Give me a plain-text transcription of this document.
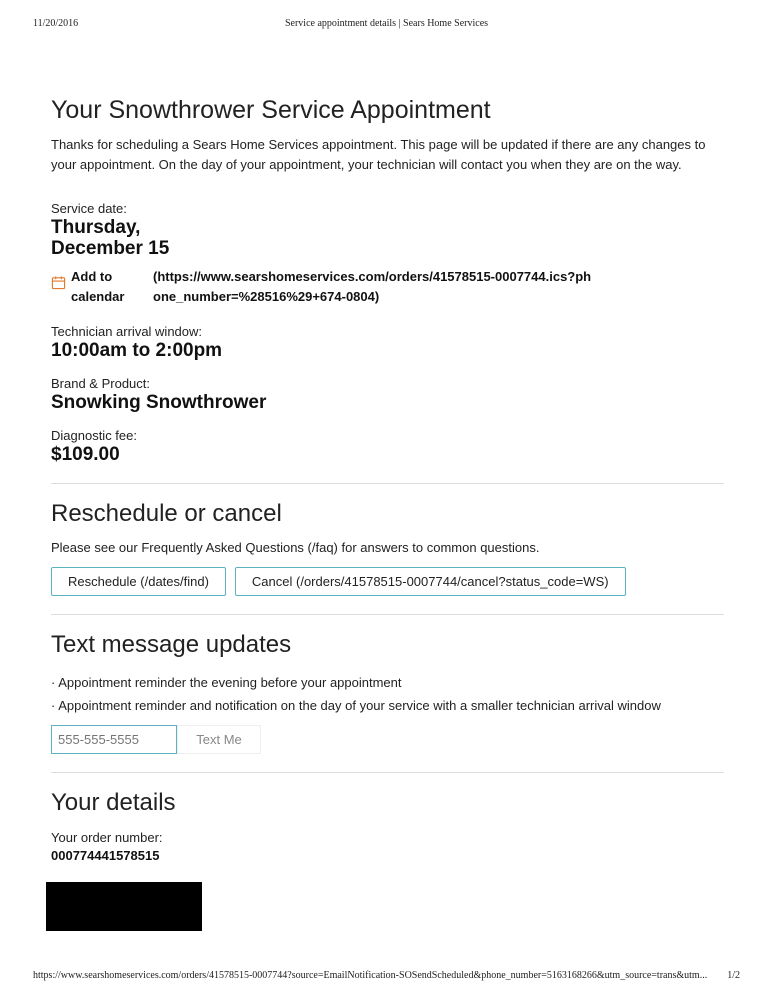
11/20/2016	Service appointment details | Sears Home Services
Your Snowthrower Service Appointment

Thanks for scheduling a Sears Home Services appointment. This page will be updated if there are any changes to your appointment. On the day of your appointment, your technician will contact you when they are on the way.

Service date:

Thursday,
December 15
Add to calendar
(https://www.searshomeservices.com/orders/41578515-0007744.ics?phone_number=%28516%29+674-0804)

Technician arrival window:

10:00am to 2:00pm

Brand & Product:

Snowking Snowthrower

Diagnostic fee:

$109.00
Reschedule or cancel

Please see our Frequently Asked Questions (/faq) for answers to common questions.

Reschedule (/dates/find)	Cancel (/orders/41578515-0007744/cancel?status_code=WS)
Text message updates
· Appointment reminder the evening before your appointment
· Appointment reminder and notification on the day of your service with a smaller technician arrival window
555-555-5555
Text Me
Your details

Your order number:

000774441578515

https://www.searshomeservices.com/orders/41578515-0007744?source=EmailNotification-SOSendScheduled&phone_number=5163168266&utm_source=trans&utm... 1/2
